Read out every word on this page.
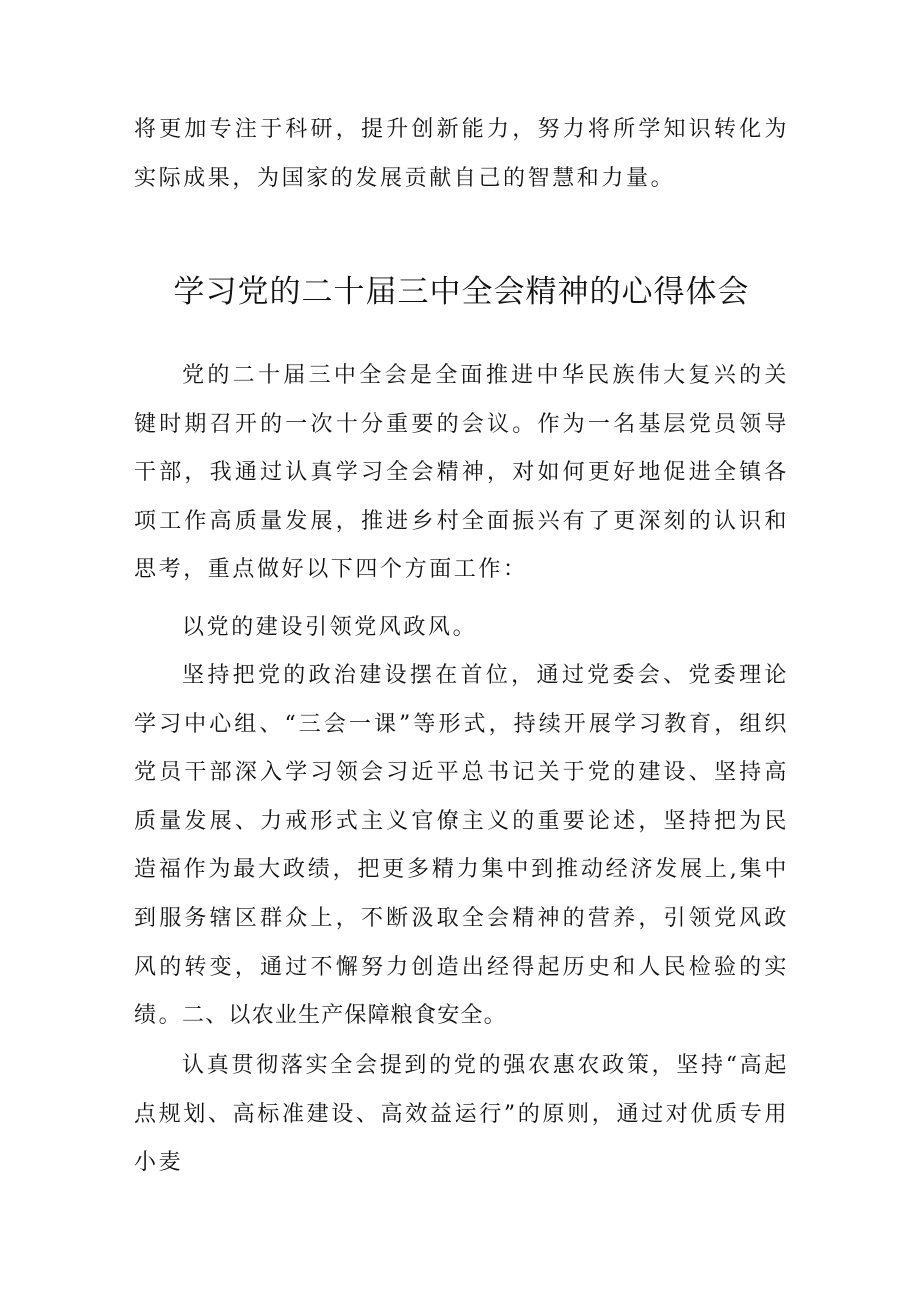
将更加专注于科研，提升创新能力，努力将所学知识转化为实际成果，为国家的发展贡献自己的智慧和力量。

学习党的二十届三中全会精神的心得体会

党的二十届三中全会是全面推进中华民族伟大复兴的关键时期召开的一次十分重要的会议。作为一名基层党员领导干部，我通过认真学习全会精神，对如何更好地促进全镇各项工作高质量发展，推进乡村全面振兴有了更深刻的认识和思考，重点做好以下四个方面工作：

以党的建设引领党风政风。

坚持把党的政治建设摆在首位，通过党委会、党委理论学习中心组、“三会一课”等形式，持续开展学习教育，组织党员干部深入学习领会习近平总书记关于党的建设、坚持高质量发展、力戒形式主义官僚主义的重要论述，坚持把为民造福作为最大政绩，把更多精力集中到推动经济发展上,集中到服务辖区群众上，不断汲取全会精神的营养，引领党风政风的转变，通过不懈努力创造出经得起历史和人民检验的实绩。

二、以农业生产保障粮食安全。

认真贯彻落实全会提到的党的强农惠农政策，坚持“高起点规划、高标准建设、高效益运行”的原则，通过对优质专用小麦
